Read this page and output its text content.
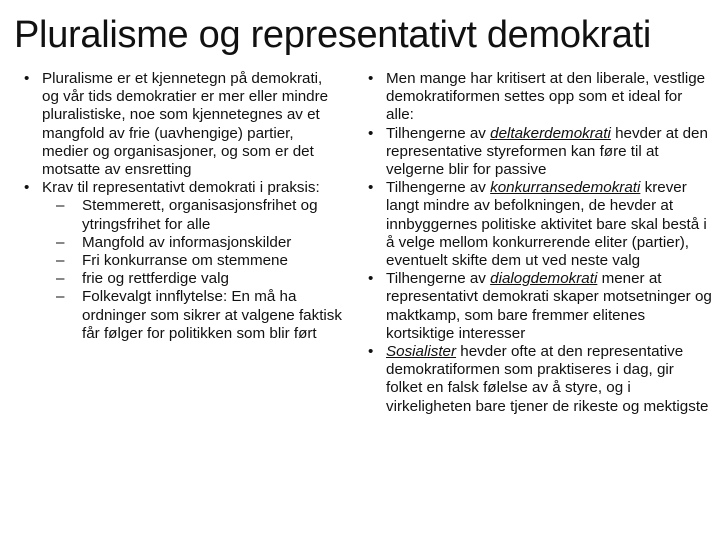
Pluralisme og representativt demokrati
• Pluralisme er et kjennetegn på demokrati, og vår tids demokratier er mer eller mindre pluralistiske, noe som kjennetegnes av et mangfold av frie (uavhengige) partier, medier og organisasjoner, og som er det motsatte av ensretting
• Krav til representativt demokrati i praksis:
– Stemmerett, organisasjonsfrihet og ytringsfrihet for alle
– Mangfold av informasjonskilder
– Fri konkurranse om stemmene
– frie og rettferdige valg
– Folkevalgt innflytelse: En må ha ordninger som sikrer at valgene faktisk får følger for politikken som blir ført
• Men mange har kritisert at den liberale, vestlige demokratiformen settes opp som et ideal for alle:
• Tilhengerne av deltakerdemokrati hevder at den representative styreformen kan føre til at velgerne blir for passive
• Tilhengerne av konkurransedemokrati krever langt mindre av befolkningen, de hevder at innbyggernes politiske aktivitet bare skal bestå i å velge mellom konkurrerende eliter (partier), eventuelt skifte dem ut ved neste valg
• Tilhengerne av dialogdemokrati mener at representativt demokrati skaper motsetninger og maktkamp, som bare fremmer elitenes kortsiktige interesser
• Sosialister hevder ofte at den representative demokratiformen som praktiseres i dag, gir folket en falsk følelse av å styre, og i virkeligheten bare tjener de rikeste og mektigste
